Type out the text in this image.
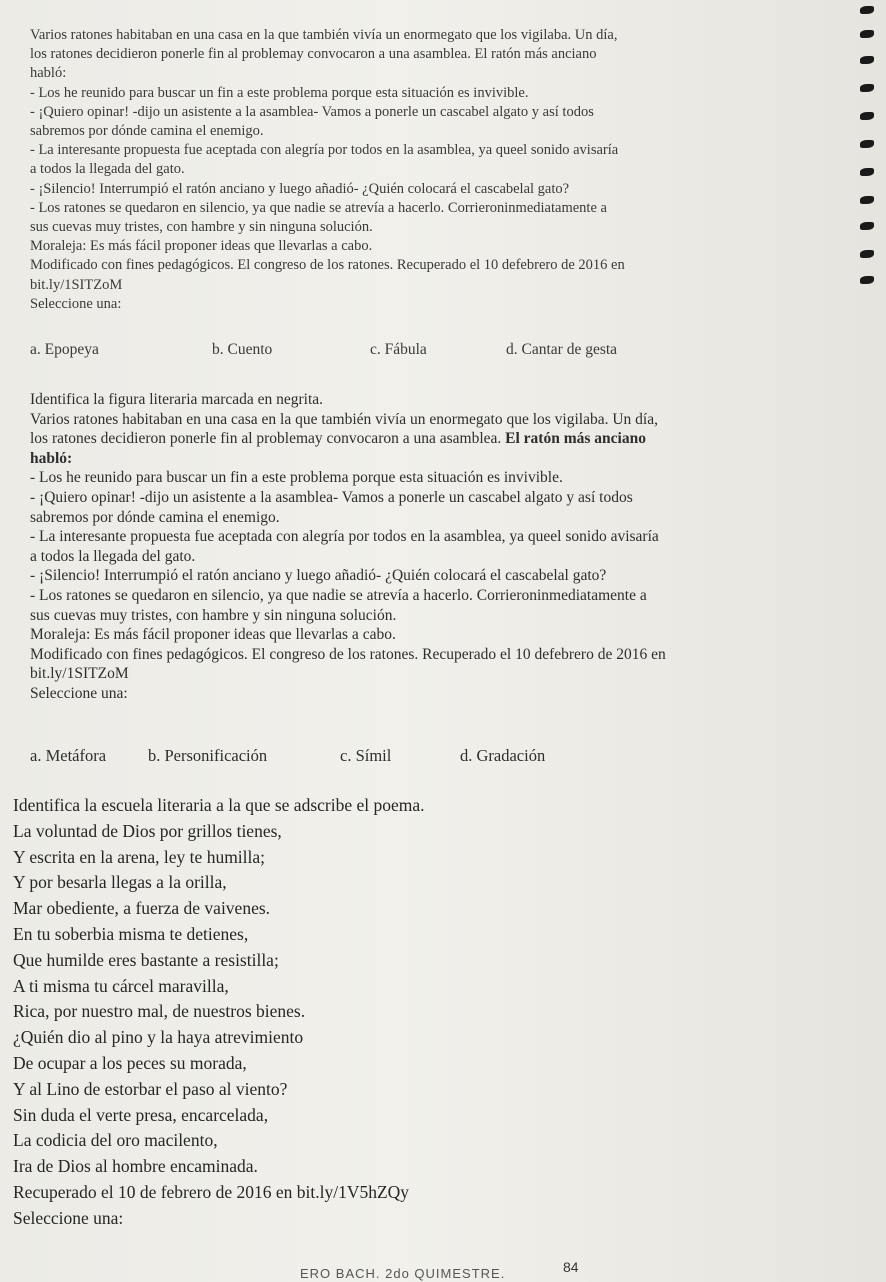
Varios ratones habitaban en una casa en la que también vivía un enormegato que los vigilaba. Un día,
los ratones decidieron ponerle fin al problemay convocaron a una asamblea. El ratón más anciano
habló:
- Los he reunido para buscar un fin a este problema porque esta situación es invivible.
- ¡Quiero opinar! -dijo un asistente a la asamblea- Vamos a ponerle un cascabel algato y así todos
sabremos por dónde camina el enemigo.
- La interesante propuesta fue aceptada con alegría por todos en la asamblea, ya queel sonido avisaría
a todos la llegada del gato.
- ¡Silencio! Interrumpió el ratón anciano y luego añadió- ¿Quién colocará el cascabelal gato?
- Los ratones se quedaron en silencio, ya que nadie se atrevía a hacerlo. Corrieroninmediatamente a
sus cuevas muy tristes, con hambre y sin ninguna solución.
Moraleja: Es más fácil proponer ideas que llevarlas a cabo.
Modificado con fines pedagógicos. El congreso de los ratones. Recuperado el 10 defebrero de 2016 en
bit.ly/1SITZoM
Seleccione una:
a. Epopeya	b. Cuento	c. Fábula	d. Cantar de gesta
Identifica la figura literaria marcada en negrita.
Varios ratones habitaban en una casa en la que también vivía un enormegato que los vigilaba. Un día,
los ratones decidieron ponerle fin al problemay convocaron a una asamblea. El ratón más anciano
habló:
- Los he reunido para buscar un fin a este problema porque esta situación es invivible.
- ¡Quiero opinar! -dijo un asistente a la asamblea- Vamos a ponerle un cascabel algato y así todos
sabremos por dónde camina el enemigo.
- La interesante propuesta fue aceptada con alegría por todos en la asamblea, ya queel sonido avisaría
a todos la llegada del gato.
- ¡Silencio! Interrumpió el ratón anciano y luego añadió- ¿Quién colocará el cascabelal gato?
- Los ratones se quedaron en silencio, ya que nadie se atrevía a hacerlo. Corrieroninmediatamente a
sus cuevas muy tristes, con hambre y sin ninguna solución.
Moraleja: Es más fácil proponer ideas que llevarlas a cabo.
Modificado con fines pedagógicos. El congreso de los ratones. Recuperado el 10 defebrero de 2016 en
bit.ly/1SITZoM
Seleccione una:
a. Metáfora	b. Personificación	c. Símil	d. Gradación
Identifica la escuela literaria a la que se adscribe el poema.
La voluntad de Dios por grillos tienes,
Y escrita en la arena, ley te humilla;
Y por besarla llegas a la orilla,
Mar obediente, a fuerza de vaivenes.
En tu soberbia misma te detienes,
Que humilde eres bastante a resistilla;
A ti misma tu cárcel maravilla,
Rica, por nuestro mal, de nuestros bienes.
¿Quién dio al pino y la haya atrevimiento
De ocupar a los peces su morada,
Y al Lino de estorbar el paso al viento?
Sin duda el verte presa, encarcelada,
La codicia del oro macilento,
Ira de Dios al hombre encaminada.
Recuperado el 10 de febrero de 2016 en bit.ly/1V5hZQy
Seleccione una:
ERO BACH. 2do QUIMESTRE.	84
